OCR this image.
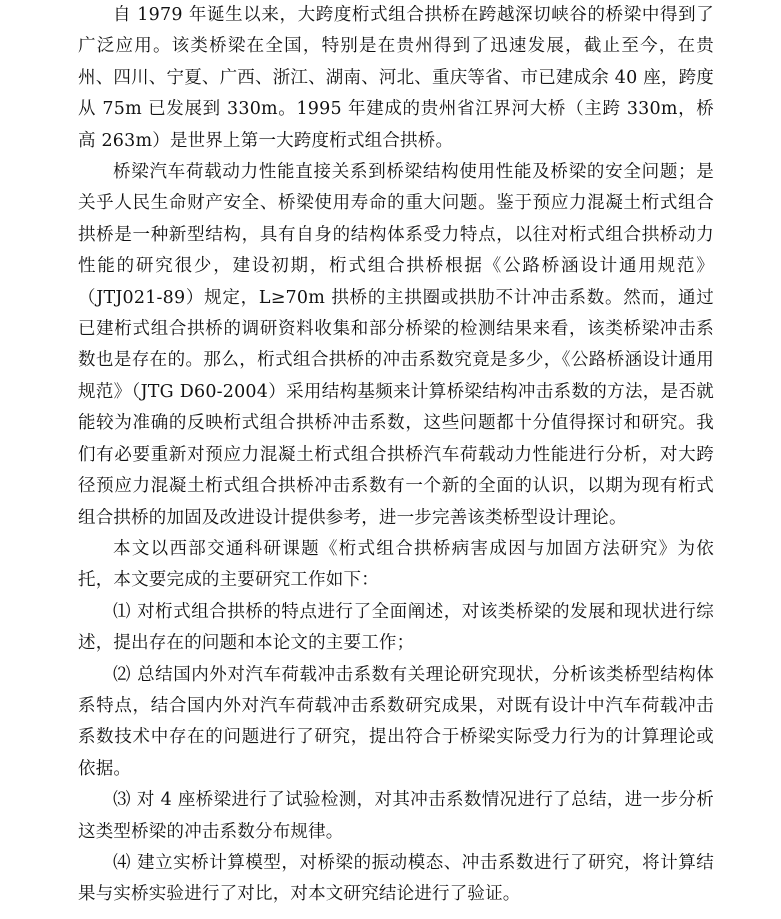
自 1979 年诞生以来，大跨度桁式组合拱桥在跨越深切峡谷的桥梁中得到了广泛应用。该类桥梁在全国，特别是在贵州得到了迅速发展，截止至今，在贵州、四川、宁夏、广西、浙江、湖南、河北、重庆等省、市已建成余 40 座，跨度从 75m 已发展到 330m。1995 年建成的贵州省江界河大桥（主跨 330m，桥高 263m）是世界上第一大跨度桁式组合拱桥。

桥梁汽车荷载动力性能直接关系到桥梁结构使用性能及桥梁的安全问题；是关乎人民生命财产安全、桥梁使用寿命的重大问题。鉴于预应力混凝土桁式组合拱桥是一种新型结构，具有自身的结构体系受力特点，以往对桁式组合拱桥动力性能的研究很少，建设初期，桁式组合拱桥根据《公路桥涵设计通用规范》（JTJ021-89）规定，L≥70m 拱桥的主拱圈或拱肋不计冲击系数。然而，通过已建桁式组合拱桥的调研资料收集和部分桥梁的检测结果来看，该类桥梁冲击系数也是存在的。那么，桁式组合拱桥的冲击系数究竟是多少，《公路桥涵设计通用规范》（JTG D60-2004）采用结构基频来计算桥梁结构冲击系数的方法，是否就能较为准确的反映桁式组合拱桥冲击系数，这些问题都十分值得探讨和研究。我们有必要重新对预应力混凝土桁式组合拱桥汽车荷载动力性能进行分析，对大跨径预应力混凝土桁式组合拱桥冲击系数有一个新的全面的认识，以期为现有桁式组合拱桥的加固及改进设计提供参考，进一步完善该类桥型设计理论。

本文以西部交通科研课题《桁式组合拱桥病害成因与加固方法研究》为依托，本文要完成的主要研究工作如下：

⑴ 对桁式组合拱桥的特点进行了全面阐述，对该类桥梁的发展和现状进行综述，提出存在的问题和本论文的主要工作；

⑵ 总结国内外对汽车荷载冲击系数有关理论研究现状，分析该类桥型结构体系特点，结合国内外对汽车荷载冲击系数研究成果，对既有设计中汽车荷载冲击系数技术中存在的问题进行了研究，提出符合于桥梁实际受力行为的计算理论或依据。

⑶ 对 4 座桥梁进行了试验检测，对其冲击系数情况进行了总结，进一步分析这类型桥梁的冲击系数分布规律。

⑷ 建立实桥计算模型，对桥梁的振动模态、冲击系数进行了研究，将计算结果与实桥实验进行了对比，对本文研究结论进行了验证。
